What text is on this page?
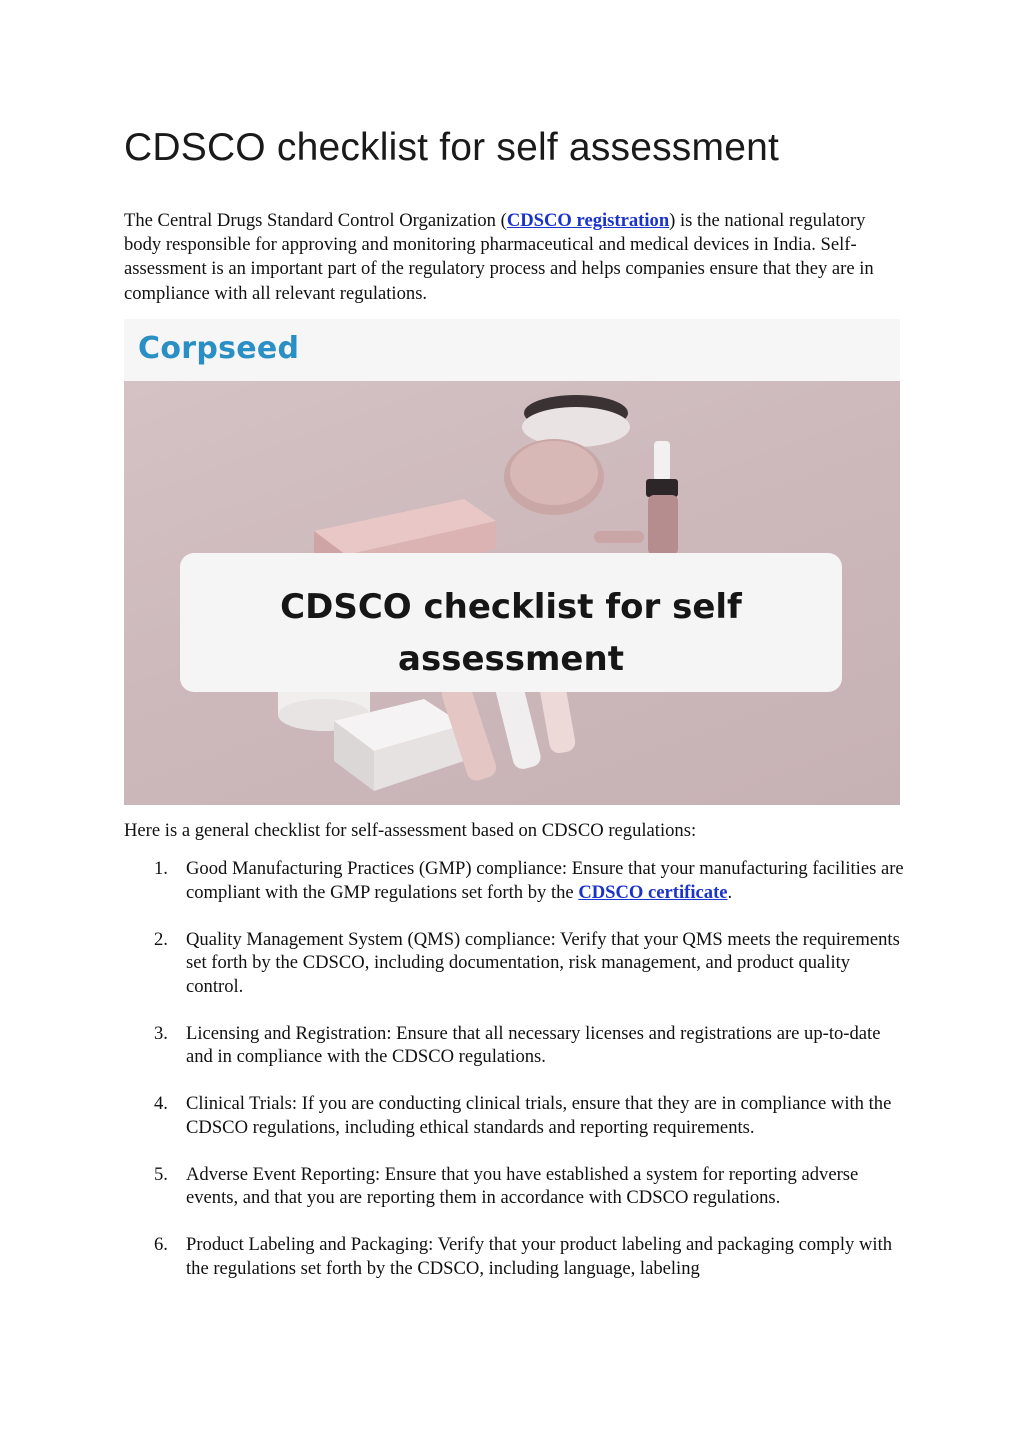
CDSCO checklist for self assessment

The Central Drugs Standard Control Organization (CDSCO registration) is the national regulatory body responsible for approving and monitoring pharmaceutical and medical devices in India. Self-assessment is an important part of the regulatory process and helps companies ensure that they are in compliance with all relevant regulations.

Corpseed

CDSCO checklist for self
assessment

Here is a general checklist for self-assessment based on CDSCO regulations:

1. Good Manufacturing Practices (GMP) compliance: Ensure that your manufacturing facilities are compliant with the GMP regulations set forth by the CDSCO certificate.
2. Quality Management System (QMS) compliance: Verify that your QMS meets the requirements set forth by the CDSCO, including documentation, risk management, and product quality control.
3. Licensing and Registration: Ensure that all necessary licenses and registrations are up-to-date and in compliance with the CDSCO regulations.
4. Clinical Trials: If you are conducting clinical trials, ensure that they are in compliance with the CDSCO regulations, including ethical standards and reporting requirements.
5. Adverse Event Reporting: Ensure that you have established a system for reporting adverse events, and that you are reporting them in accordance with CDSCO regulations.
6. Product Labeling and Packaging: Verify that your product labeling and packaging comply with the regulations set forth by the CDSCO, including language, labeling
